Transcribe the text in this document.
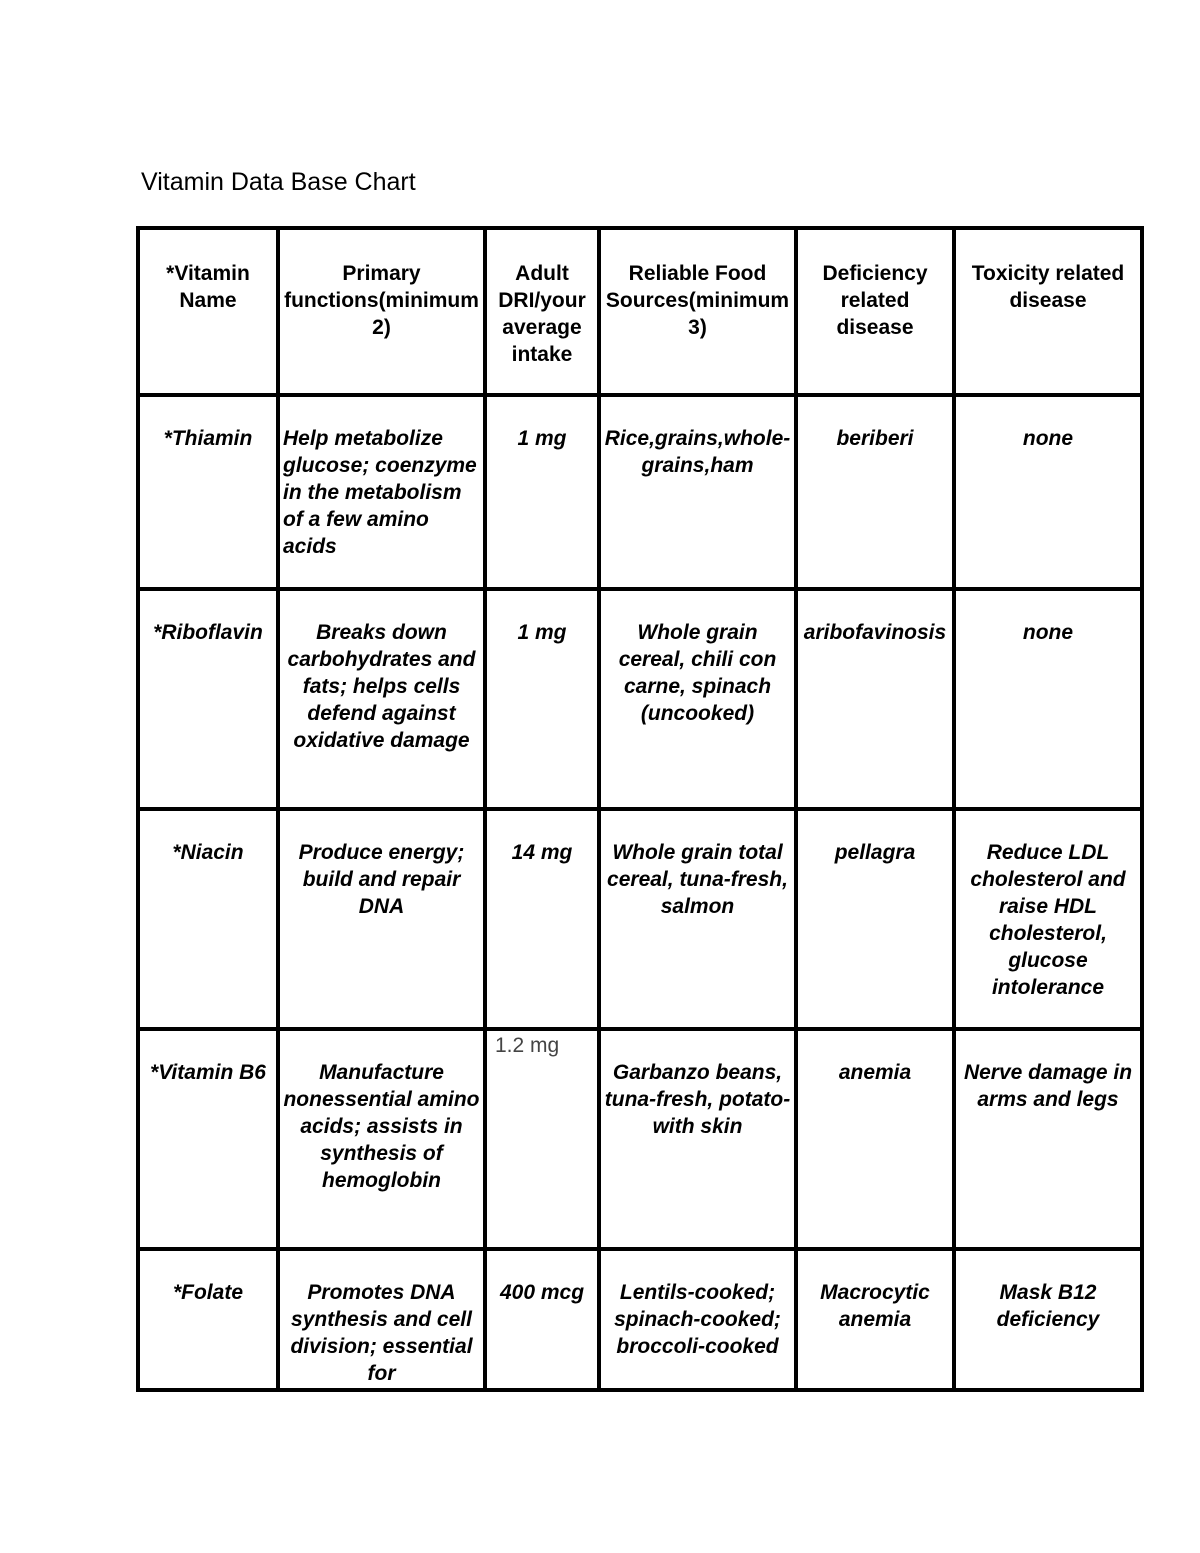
Vitamin Data Base Chart
*Vitamin Name	Primary functions(minimum 2)	Adult DRI/your average intake	Reliable Food Sources(minimum 3)	Deficiency related disease	Toxicity related disease

*Thiamin	Help metabolize glucose; coenzyme in the metabolism of a few amino acids	1 mg	Rice,grains,whole-grains,ham	beriberi	none

*Riboflavin	Breaks down carbohydrates and fats; helps cells defend against oxidative damage	1 mg	Whole grain cereal, chili con carne, spinach (uncooked)	aribofavinosis	none

*Niacin	Produce energy; build and repair DNA	14 mg	Whole grain total cereal, tuna-fresh, salmon	pellagra	Reduce LDL cholesterol and raise HDL cholesterol, glucose intolerance

*Vitamin B6	Manufacture nonessential amino acids; assists in synthesis of hemoglobin	1.2 mg	Garbanzo beans, tuna-fresh, potato-with skin	anemia	Nerve damage in arms and legs

*Folate	Promotes DNA synthesis and cell division; essential for	400 mcg	Lentils-cooked; spinach-cooked; broccoli-cooked	Macrocytic anemia	Mask B12 deficiency
